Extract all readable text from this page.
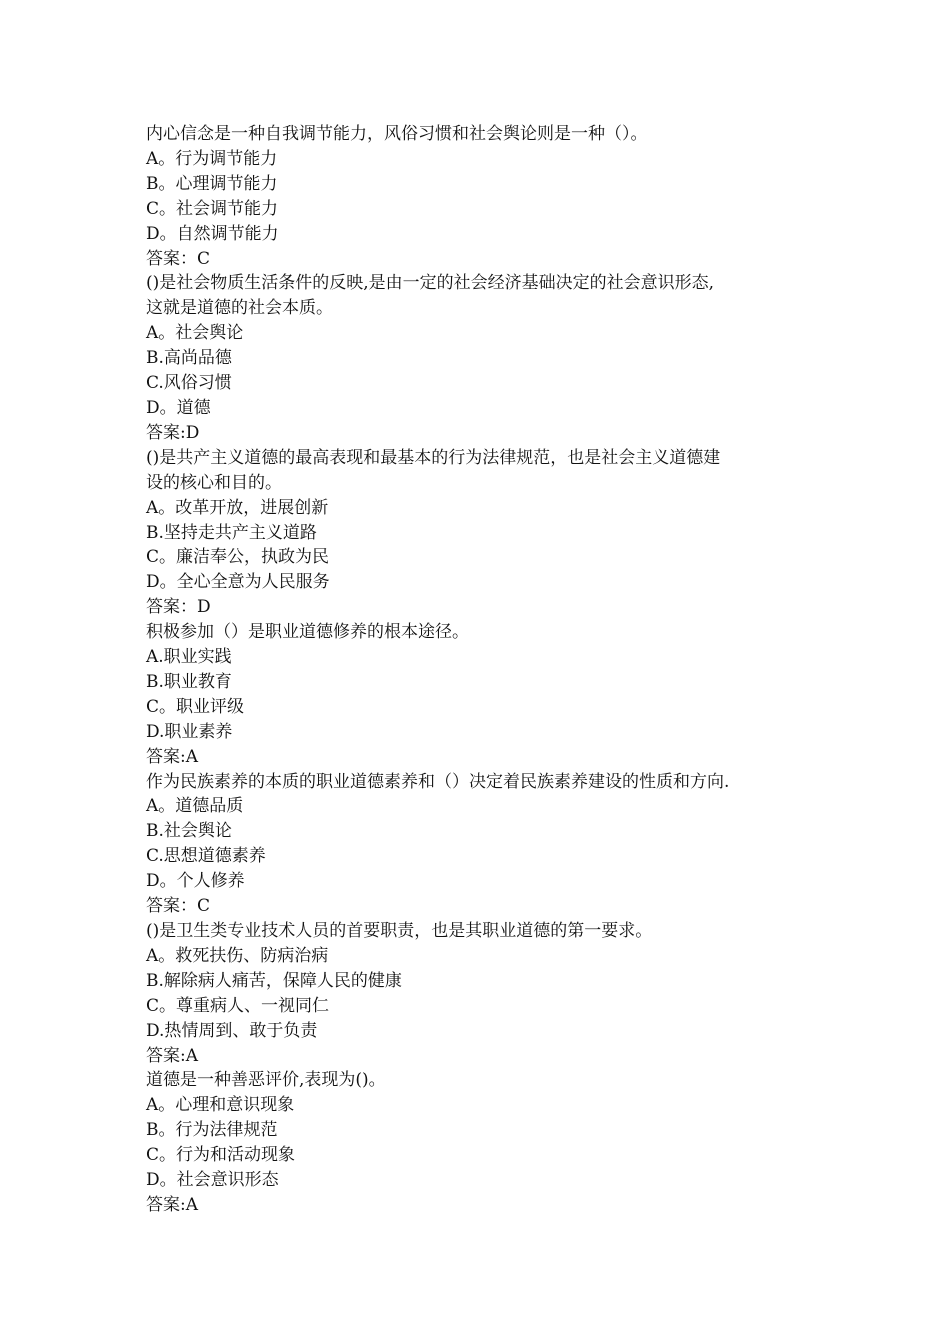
内心信念是一种自我调节能力，风俗习惯和社会舆论则是一种（）。

A。行为调节能力

B。心理调节能力

C。社会调节能力

D。自然调节能力

答案：C

()是社会物质生活条件的反映,是由一定的社会经济基础决定的社会意识形态,

这就是道德的社会本质。

A。社会舆论

B.高尚品德

C.风俗习惯

D。道德

答案:D

()是共产主义道德的最高表现和最基本的行为法律规范，也是社会主义道德建

设的核心和目的。

A。改革开放，进展创新

B.坚持走共产主义道路

C。廉洁奉公，执政为民

D。全心全意为人民服务

答案：D

积极参加（）是职业道德修养的根本途径。

A.职业实践

B.职业教育

C。职业评级

D.职业素养

答案:A

作为民族素养的本质的职业道德素养和（）决定着民族素养建设的性质和方向.

A。道德品质

B.社会舆论

C.思想道德素养

D。个人修养

答案：C

()是卫生类专业技术人员的首要职责，也是其职业道德的第一要求。

A。救死扶伤、防病治病

B.解除病人痛苦，保障人民的健康

C。尊重病人、一视同仁

D.热情周到、敢于负责

答案:A

道德是一种善恶评价,表现为()。

A。心理和意识现象

B。行为法律规范

C。行为和活动现象

D。社会意识形态

答案:A
